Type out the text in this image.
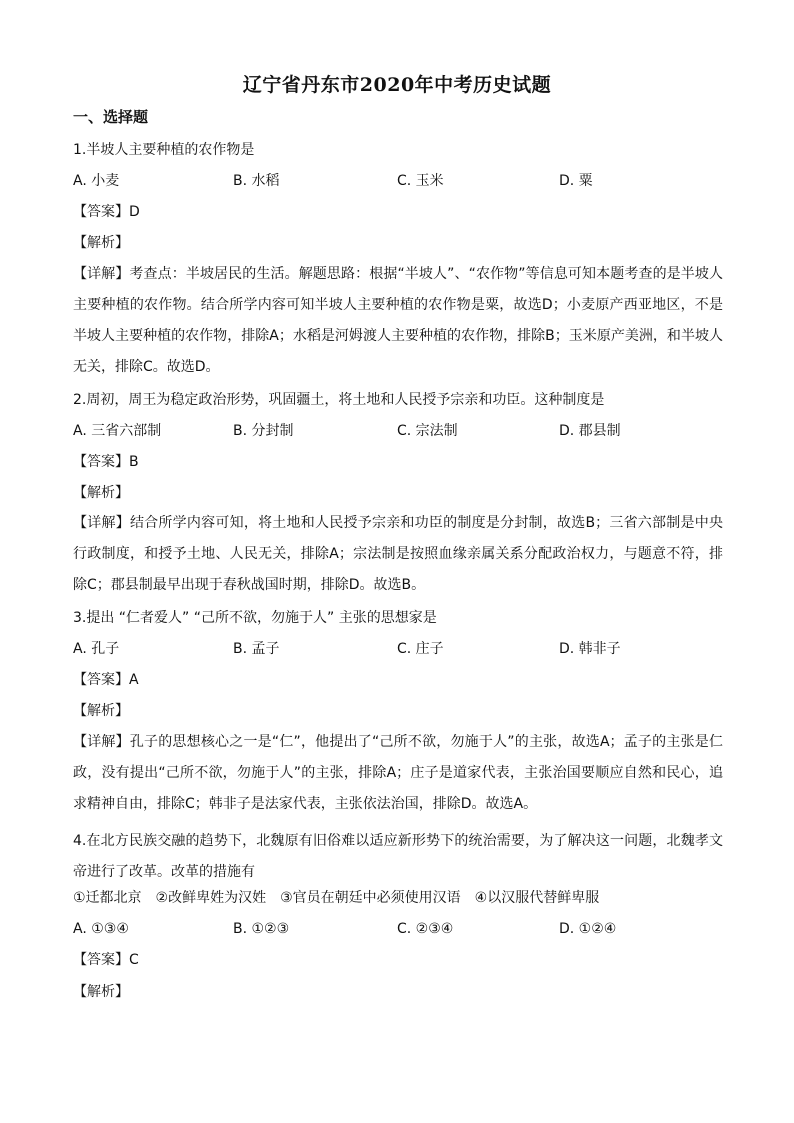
辽宁省丹东市2020年中考历史试题
一、选择题
1.半坡人主要种植的农作物是
A. 小麦	B. 水稻	C. 玉米	D. 粟
【答案】D
【解析】
【详解】考查点：半坡居民的生活。解题思路：根据“半坡人”、“农作物”等信息可知本题考查的是半坡人主要种植的农作物。结合所学内容可知半坡人主要种植的农作物是粟，故选D；小麦原产西亚地区，不是半坡人主要种植的农作物，排除A；水稻是河姆渡人主要种植的农作物，排除B；玉米原产美洲，和半坡人无关，排除C。故选D。
2.周初，周王为稳定政治形势，巩固疆土，将土地和人民授予宗亲和功臣。这种制度是
A. 三省六部制	B. 分封制	C. 宗法制	D. 郡县制
【答案】B
【解析】
【详解】结合所学内容可知，将土地和人民授予宗亲和功臣的制度是分封制，故选B；三省六部制是中央行政制度，和授予土地、人民无关，排除A；宗法制是按照血缘亲属关系分配政治权力，与题意不符，排除C；郡县制最早出现于春秋战国时期，排除D。故选B。
3.提出 “仁者爱人” “己所不欲，勿施于人” 主张的思想家是
A. 孔子	B. 孟子	C. 庄子	D. 韩非子
【答案】A
【解析】
【详解】孔子的思想核心之一是“仁”，他提出了“己所不欲，勿施于人”的主张，故选A；孟子的主张是仁政，没有提出“己所不欲，勿施于人”的主张，排除A；庄子是道家代表，主张治国要顺应自然和民心，追求精神自由，排除C；韩非子是法家代表，主张依法治国，排除D。故选A。
4.在北方民族交融的趋势下，北魏原有旧俗难以适应新形势下的统治需要，为了解决这一问题，北魏孝文帝进行了改革。改革的措施有
①迁都北京　②改鲜卑姓为汉姓　③官员在朝廷中必须使用汉语　④以汉服代替鲜卑服
A. ①③④	B. ①②③	C. ②③④	D. ①②④
【答案】C
【解析】
